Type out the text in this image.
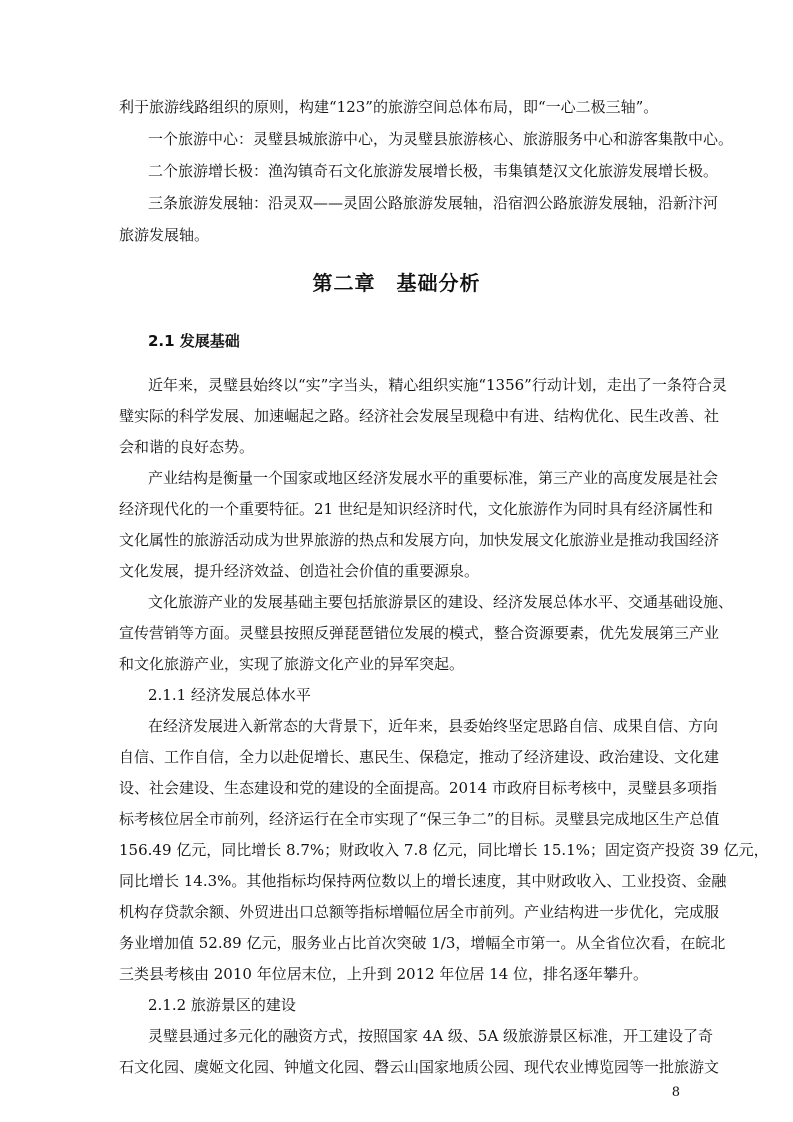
利于旅游线路组织的原则，构建“123”的旅游空间总体布局，即“一心二极三轴”。
一个旅游中心：灵璧县城旅游中心，为灵璧县旅游核心、旅游服务中心和游客集散中心。
二个旅游增长极：渔沟镇奇石文化旅游发展增长极，韦集镇楚汉文化旅游发展增长极。
三条旅游发展轴：沿灵双——灵固公路旅游发展轴，沿宿泗公路旅游发展轴，沿新汴河
旅游发展轴。
第二章　基础分析
2.1 发展基础
近年来，灵璧县始终以“实”字当头，精心组织实施“1356”行动计划，走出了一条符合灵
璧实际的科学发展、加速崛起之路。经济社会发展呈现稳中有进、结构优化、民生改善、社
会和谐的良好态势。
产业结构是衡量一个国家或地区经济发展水平的重要标准，第三产业的高度发展是社会
经济现代化的一个重要特征。21 世纪是知识经济时代，文化旅游作为同时具有经济属性和
文化属性的旅游活动成为世界旅游的热点和发展方向，加快发展文化旅游业是推动我国经济
文化发展，提升经济效益、创造社会价值的重要源泉。
文化旅游产业的发展基础主要包括旅游景区的建设、经济发展总体水平、交通基础设施、
宣传营销等方面。灵璧县按照反弹琵琶错位发展的模式，整合资源要素，优先发展第三产业
和文化旅游产业，实现了旅游文化产业的异军突起。
2.1.1 经济发展总体水平
在经济发展进入新常态的大背景下，近年来，县委始终坚定思路自信、成果自信、方向
自信、工作自信，全力以赴促增长、惠民生、保稳定，推动了经济建设、政治建设、文化建
设、社会建设、生态建设和党的建设的全面提高。2014 市政府目标考核中，灵璧县多项指
标考核位居全市前列，经济运行在全市实现了“保三争二”的目标。灵璧县完成地区生产总值
156.49 亿元，同比增长 8.7%；财政收入 7.8 亿元，同比增长 15.1%；固定资产投资 39 亿元，
同比增长 14.3%。其他指标均保持两位数以上的增长速度，其中财政收入、工业投资、金融
机构存贷款余额、外贸进出口总额等指标增幅位居全市前列。产业结构进一步优化，完成服
务业增加值 52.89 亿元，服务业占比首次突破 1/3，增幅全市第一。从全省位次看，在皖北
三类县考核由 2010 年位居末位，上升到 2012 年位居 14 位，排名逐年攀升。
2.1.2 旅游景区的建设
灵璧县通过多元化的融资方式，按照国家 4A 级、5A 级旅游景区标准，开工建设了奇
石文化园、虞姬文化园、钟馗文化园、磬云山国家地质公园、现代农业博览园等一批旅游文
8
